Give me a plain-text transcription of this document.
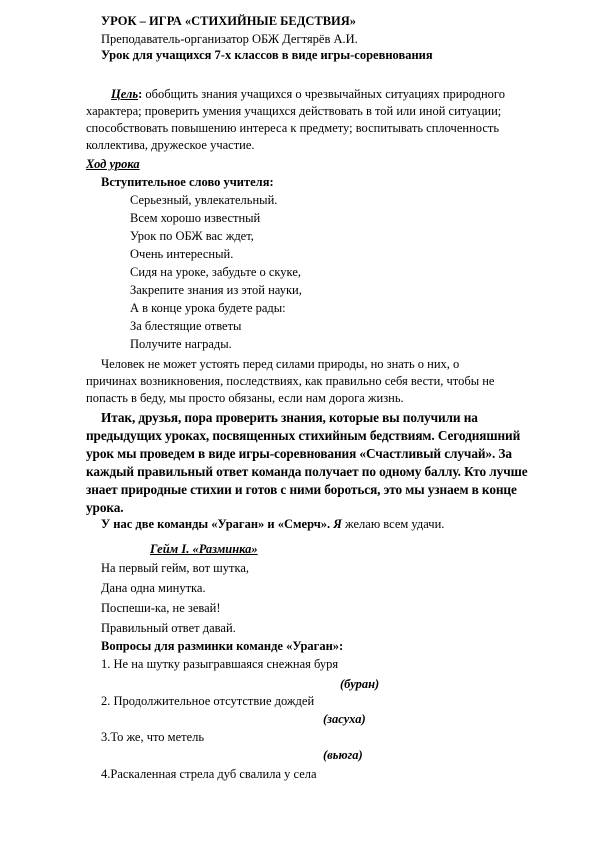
УРОК – ИГРА «СТИХИЙНЫЕ БЕДСТВИЯ»
Преподаватель-организатор ОБЖ Дегтярёв А.И.
Урок для учащихся 7-х классов в виде игры-соревнования
Цель: обобщить знания учащихся о чрезвычайных ситуациях природного
характера; проверить умения учащихся действовать в той или иной ситуации;
способствовать повышению интереса к предмету; воспитывать сплоченность
коллектива, дружеское участие.
Ход урока
Вступительное слово учителя:
Серьезный, увлекательный.
Всем хорошо известный
Урок по ОБЖ вас ждет,
Очень интересный.
Сидя на уроке, забудьте о скуке,
Закрепите знания из этой науки,
А в конце урока будете рады:
За блестящие ответы
Получите награды.
Человек не может устоять перед силами природы, но знать о них, о
причинах возникновения, последствиях, как правильно себя вести, чтобы не
попасть в беду, мы просто обязаны, если нам дорога жизнь.
Итак, друзья, пора проверить знания, которые вы получили на
предыдущих уроках, посвященных стихийным бедствиям. Сегодняшний
урок мы проведем в виде игры-соревнования «Счастливый случай». За
каждый правильный ответ команда получает по одному баллу. Кто лучше
знает природные стихии и готов с ними бороться, это мы узнаем в конце
урока.
У нас две команды «Ураган» и «Смерч». Я желаю всем удачи.
Гейм I. «Разминка»
На первый гейм, вот шутка,
Дана одна минутка.
Поспеши-ка, не зевай!
Правильный ответ давай.
Вопросы для разминки команде «Ураган»:
1. Не на шутку разыгравшаяся снежная буря
(буран)
2. Продолжительное отсутствие дождей
(засуха)
3.То же, что метель
(вьюга)
4.Раскаленная стрела дуб свалила у села
